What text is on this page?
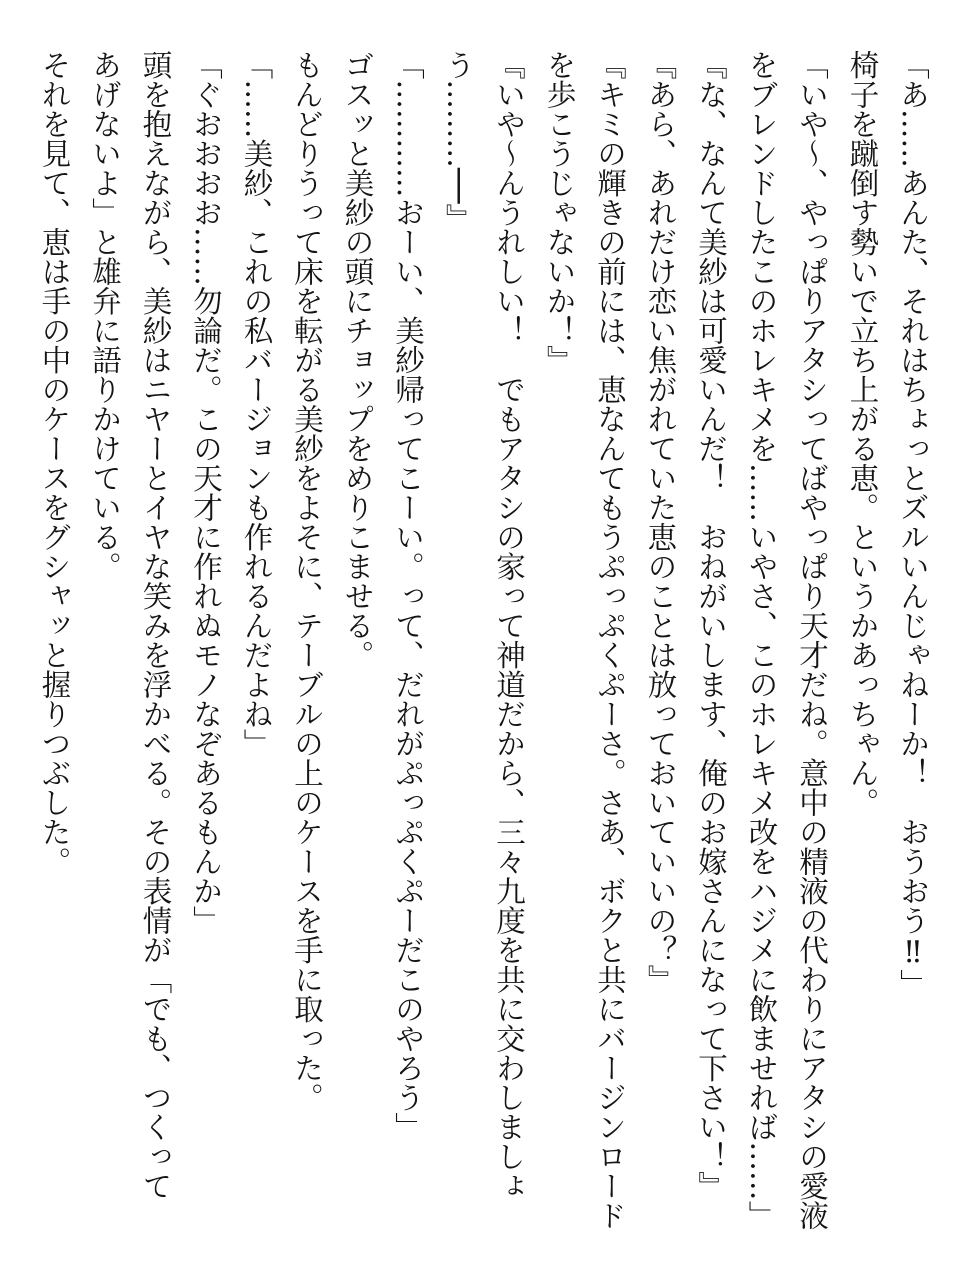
「あ……あんた、それはちょっとズルいんじゃねーか！　おうおう‼」
椅子を蹴倒す勢いで立ち上がる恵。というかあっちゃん。
「いや～、やっぱりアタシってばやっぱり天才だね。意中の精液の代わりにアタシの愛液
をブレンドしたこのホレキメを……いやさ、このホレキメ改をハジメに飲ませれば……」
『な、なんて美紗は可愛いんだ！　おねがいします、俺のお嫁さんになって下さい！』
『あら、あれだけ恋い焦がれていた恵のことは放っておいていいの？』
『キミの輝きの前には、恵なんてもうぷっぷくぷーさ。さあ、ボクと共にバージンロード
を歩こうじゃないか！』
『いや～んうれしい！　でもアタシの家って神道だから、三々九度を共に交わしましょ
う………──』
「…………おーい、美紗帰ってこーい。って、だれがぷっぷくぷーだこのやろう」
ゴスッと美紗の頭にチョップをめりこませる。
もんどりうって床を転がる美紗をよそに、テーブルの上のケースを手に取った。
「……美紗、これの私バージョンも作れるんだよね」
「ぐおおおお……勿論だ。この天才に作れぬモノなぞあるもんか」
頭を抱えながら、美紗はニヤーとイヤな笑みを浮かべる。その表情が「でも、つくって
あげないよ」と雄弁に語りかけている。
それを見て、恵は手の中のケースをグシャッと握りつぶした。
